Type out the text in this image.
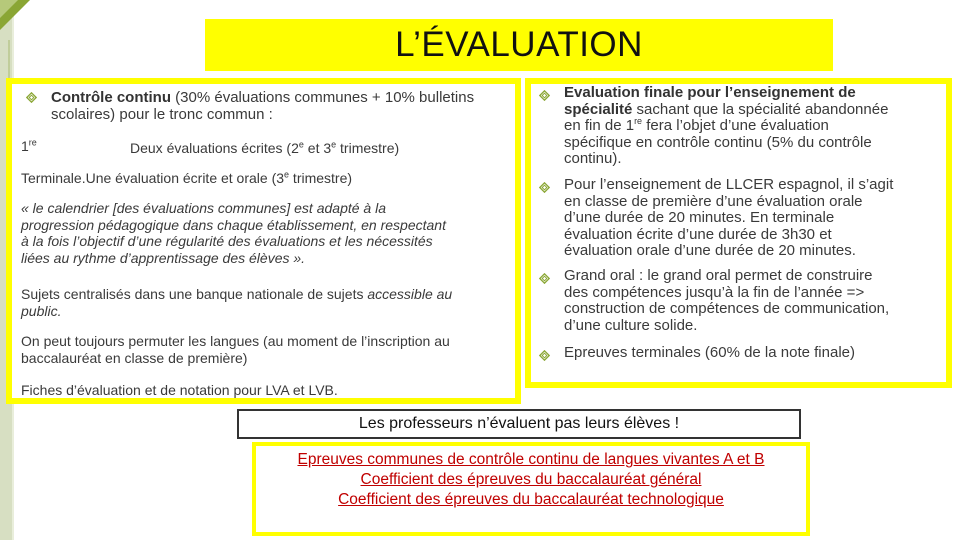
L’ÉVALUATION
Contrôle continu (30% évaluations communes + 10% bulletins
scolaires) pour le tronc commun :
1re	Deux évaluations écrites (2e et 3e trimestre)
Terminale.Une évaluation écrite et orale (3e trimestre)
« le calendrier [des évaluations communes] est adapté à la
progression pédagogique dans chaque établissement, en respectant
à la fois l’objectif d’une régularité des évaluations et les nécessités
liées au rythme d’apprentissage des élèves ».
Sujets centralisés dans une banque nationale de sujets accessible au
public.
On peut toujours permuter les langues (au moment de l’inscription au
baccalauréat en classe de première)
Fiches d’évaluation et de notation pour LVA et LVB.
Evaluation finale pour l’enseignement de
spécialité sachant que la spécialité abandonnée
en fin de 1re fera l’objet d’une évaluation
spécifique en contrôle continu (5% du contrôle
continu).
Pour l’enseignement de LLCER espagnol, il s’agit
en classe de première d’une évaluation orale
d’une durée de 20 minutes. En terminale
évaluation écrite d’une durée de 3h30 et
évaluation orale d’une durée de 20 minutes.
Grand oral : le grand oral permet de construire
des compétences jusqu’à la fin de l’année =>
construction de compétences de communication,
d’une culture solide.
Epreuves terminales (60% de la note finale)
Les professeurs n’évaluent pas leurs élèves !
Epreuves communes de contrôle continu de langues vivantes A et B
Coefficient des épreuves du baccalauréat général
Coefficient des épreuves du baccalauréat technologique
